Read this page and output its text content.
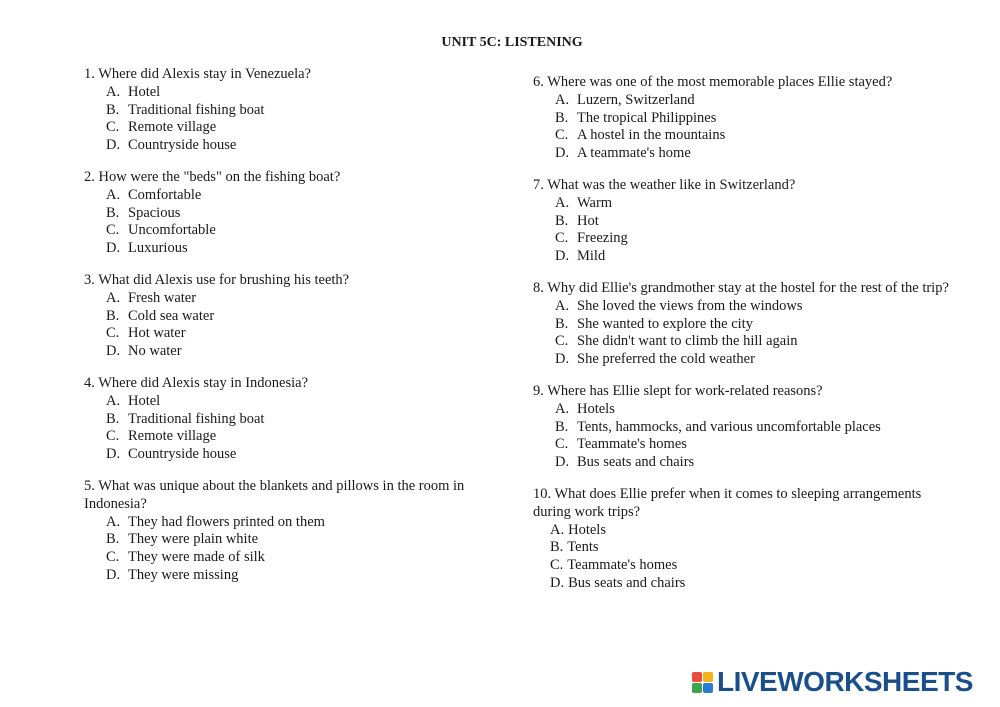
UNIT 5C: LISTENING
1. Where did Alexis stay in Venezuela?
A. Hotel
B. Traditional fishing boat
C. Remote village
D. Countryside house
2. How were the "beds" on the fishing boat?
A. Comfortable
B. Spacious
C. Uncomfortable
D. Luxurious
3. What did Alexis use for brushing his teeth?
A. Fresh water
B. Cold sea water
C. Hot water
D. No water
4. Where did Alexis stay in Indonesia?
A. Hotel
B. Traditional fishing boat
C. Remote village
D. Countryside house
5. What was unique about the blankets and pillows in the room in Indonesia?
A. They had flowers printed on them
B. They were plain white
C. They were made of silk
D. They were missing
6. Where was one of the most memorable places Ellie stayed?
A. Luzern, Switzerland
B. The tropical Philippines
C. A hostel in the mountains
D. A teammate's home
7. What was the weather like in Switzerland?
A. Warm
B. Hot
C. Freezing
D. Mild
8. Why did Ellie's grandmother stay at the hostel for the rest of the trip?
A. She loved the views from the windows
B. She wanted to explore the city
C. She didn't want to climb the hill again
D. She preferred the cold weather
9. Where has Ellie slept for work-related reasons?
A. Hotels
B. Tents, hammocks, and various uncomfortable places
C. Teammate's homes
D. Bus seats and chairs
10. What does Ellie prefer when it comes to sleeping arrangements during work trips?
A. Hotels
B. Tents
C. Teammate's homes
D. Bus seats and chairs
LIVEWORKSHEETS
